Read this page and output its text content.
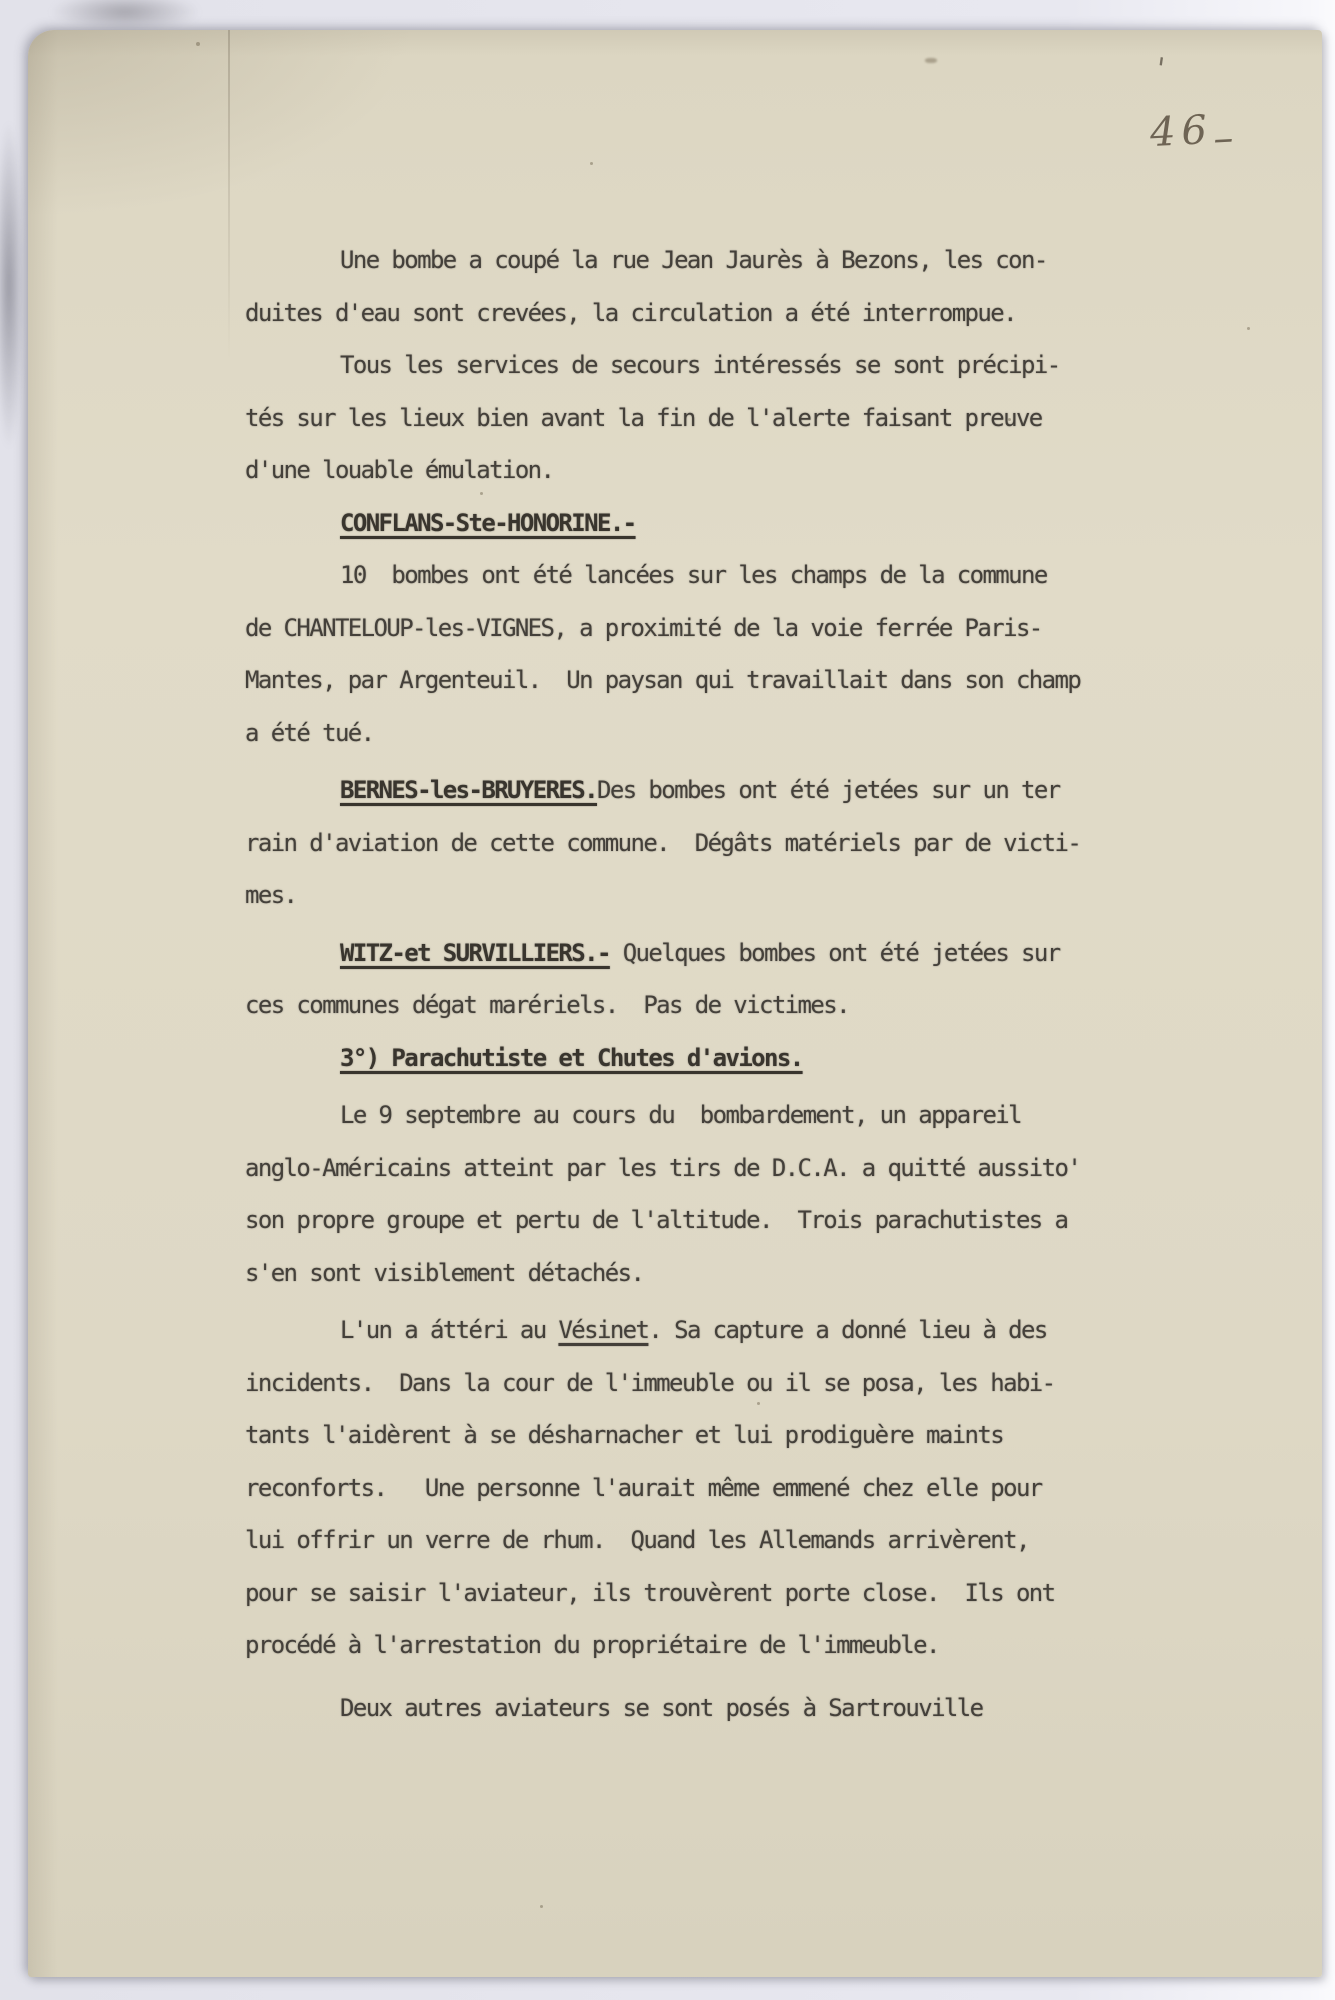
'
46–
Une bombe a coupé la rue Jean Jaurès à Bezons, les con-
duites d'eau sont crevées, la circulation a été interrompue.
Tous les services de secours intéressés se sont précipi-
tés sur les lieux bien avant la fin de l'alerte faisant preuve
d'une louable émulation.
CONFLANS-Ste-HONORINE.-
10  bombes ont été lancées sur les champs de la commune
de CHANTELOUP-les-VIGNES, a proximité de la voie ferrée Paris-
Mantes, par Argenteuil.  Un paysan qui travaillait dans son champ
a été tué.
BERNES-les-BRUYERES.Des bombes ont été jetées sur un ter
rain d'aviation de cette commune.  Dégâts matériels par de victi-
mes.
WITZ-et SURVILLIERS.- Quelques bombes ont été jetées sur
ces communes dégat marériels.  Pas de victimes.
3°) Parachutiste et Chutes d'avions.
Le 9 septembre au cours du  bombardement, un appareil
anglo-Américains atteint par les tirs de D.C.A. a quitté aussito'
son propre groupe et pertu de l'altitude.  Trois parachutistes a
s'en sont visiblement détachés.
L'un a áttéri au Vésinet. Sa capture a donné lieu à des
incidents.  Dans la cour de l'immeuble ou il se posa, les habi-
tants l'aidèrent à se désharnacher et lui prodiguère maints
reconforts.   Une personne l'aurait même emmené chez elle pour
lui offrir un verre de rhum.  Quand les Allemands arrivèrent,
pour se saisir l'aviateur, ils trouvèrent porte close.  Ils ont
procédé à l'arrestation du propriétaire de l'immeuble.
Deux autres aviateurs se sont posés à Sartrouville
